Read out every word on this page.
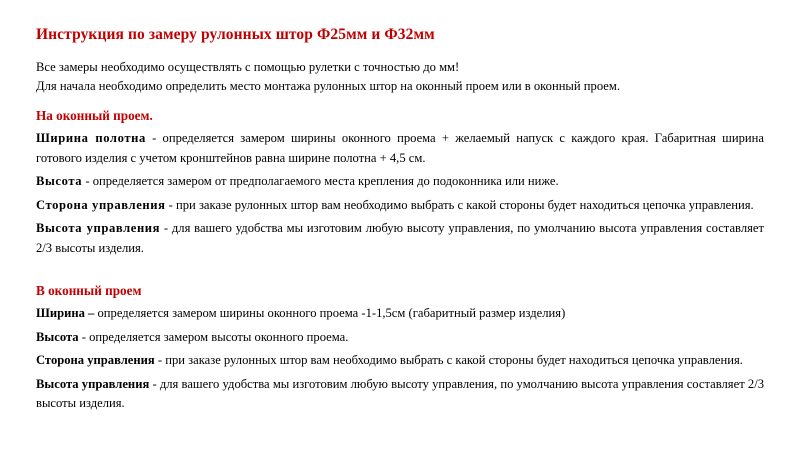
Инструкция по замеру рулонных штор Ф25мм и Ф32мм

Все замеры необходимо осуществлять с помощью рулетки с точностью до мм!

Для начала необходимо определить место монтажа рулонных штор на оконный проем или в оконный проем.

На оконный проем.

Ширина полотна - определяется замером ширины оконного проема + желаемый напуск с каждого края. Габаритная ширина готового изделия с учетом кронштейнов равна ширине полотна + 4,5 см.

Высота - определяется замером от предполагаемого места крепления до подоконника или ниже.

Сторона управления - при заказе рулонных штор вам необходимо выбрать с какой стороны будет находиться цепочка управления.

Высота управления - для вашего удобства мы изготовим любую высоту управления, по умолчанию высота управления составляет 2/3 высоты изделия.

В оконный проем

Ширина – определяется замером ширины оконного проема -1-1,5см (габаритный размер изделия)

Высота - определяется замером высоты оконного проема.

Сторона управления - при заказе рулонных штор вам необходимо выбрать с какой стороны будет находиться цепочка управления.

Высота управления - для вашего удобства мы изготовим любую высоту управления, по умолчанию высота управления составляет 2/3 высоты изделия.
